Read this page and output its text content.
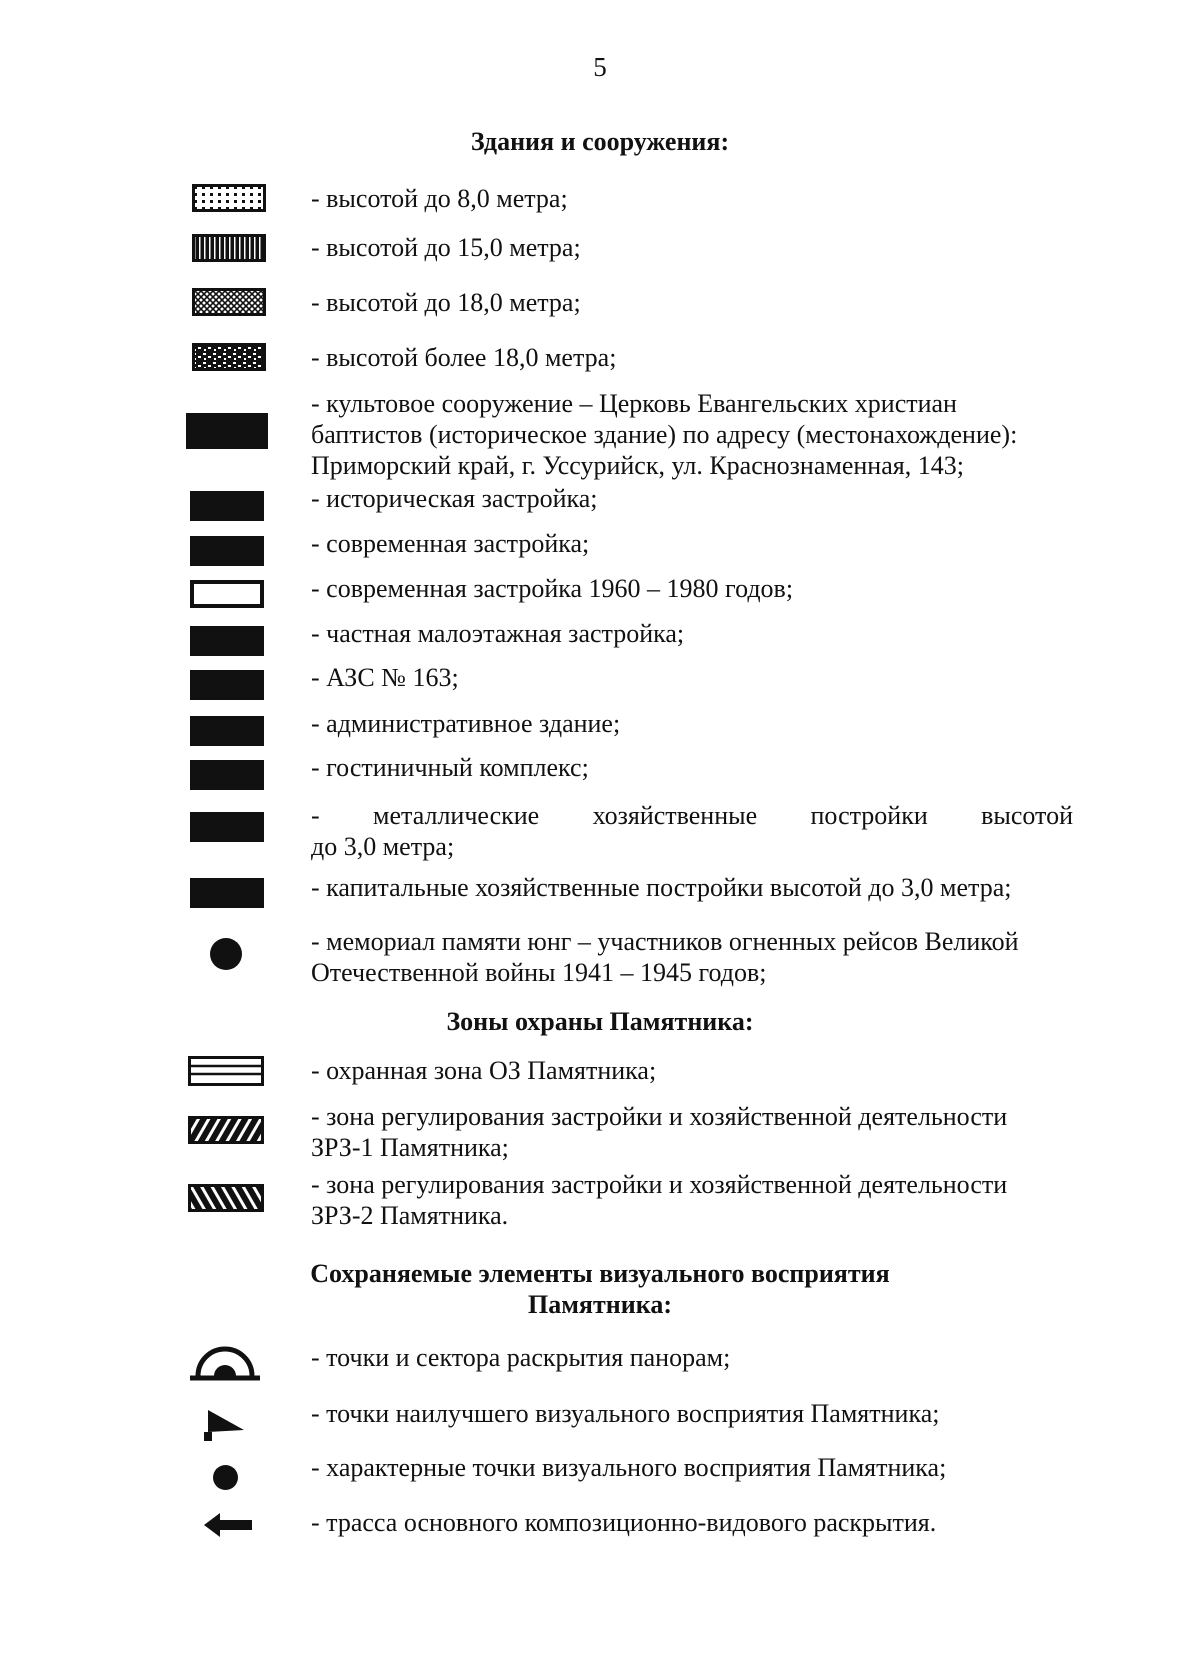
5
Здания и сооружения:
- высотой до 8,0 метра;
- высотой до 15,0 метра;
- высотой до 18,0 метра;
- высотой более 18,0 метра;
- культовое сооружение – Церковь Евангельских христиан баптистов (историческое здание) по адресу (местонахождение): Приморский край, г. Уссурийск, ул. Краснознаменная, 143;
- историческая застройка;
- современная застройка;
- современная застройка 1960 – 1980 годов;
- частная малоэтажная застройка;
- АЗС № 163;
- административное здание;
- гостиничный комплекс;
- металлические хозяйственные постройки высотой
до 3,0 метра;
- капитальные хозяйственные постройки высотой до 3,0 метра;
- мемориал памяти юнг – участников огненных рейсов Великой
Отечественной войны 1941 – 1945 годов;
Зоны охраны Памятника:
- охранная зона ОЗ Памятника;
- зона регулирования застройки и хозяйственной деятельности
ЗРЗ-1 Памятника;
- зона регулирования застройки и хозяйственной деятельности
ЗРЗ-2 Памятника.
Сохраняемые элементы визуального восприятия
Памятника:
- точки и сектора раскрытия панорам;
- точки наилучшего визуального восприятия Памятника;
- характерные точки визуального восприятия Памятника;
- трасса основного композиционно-видового раскрытия.
